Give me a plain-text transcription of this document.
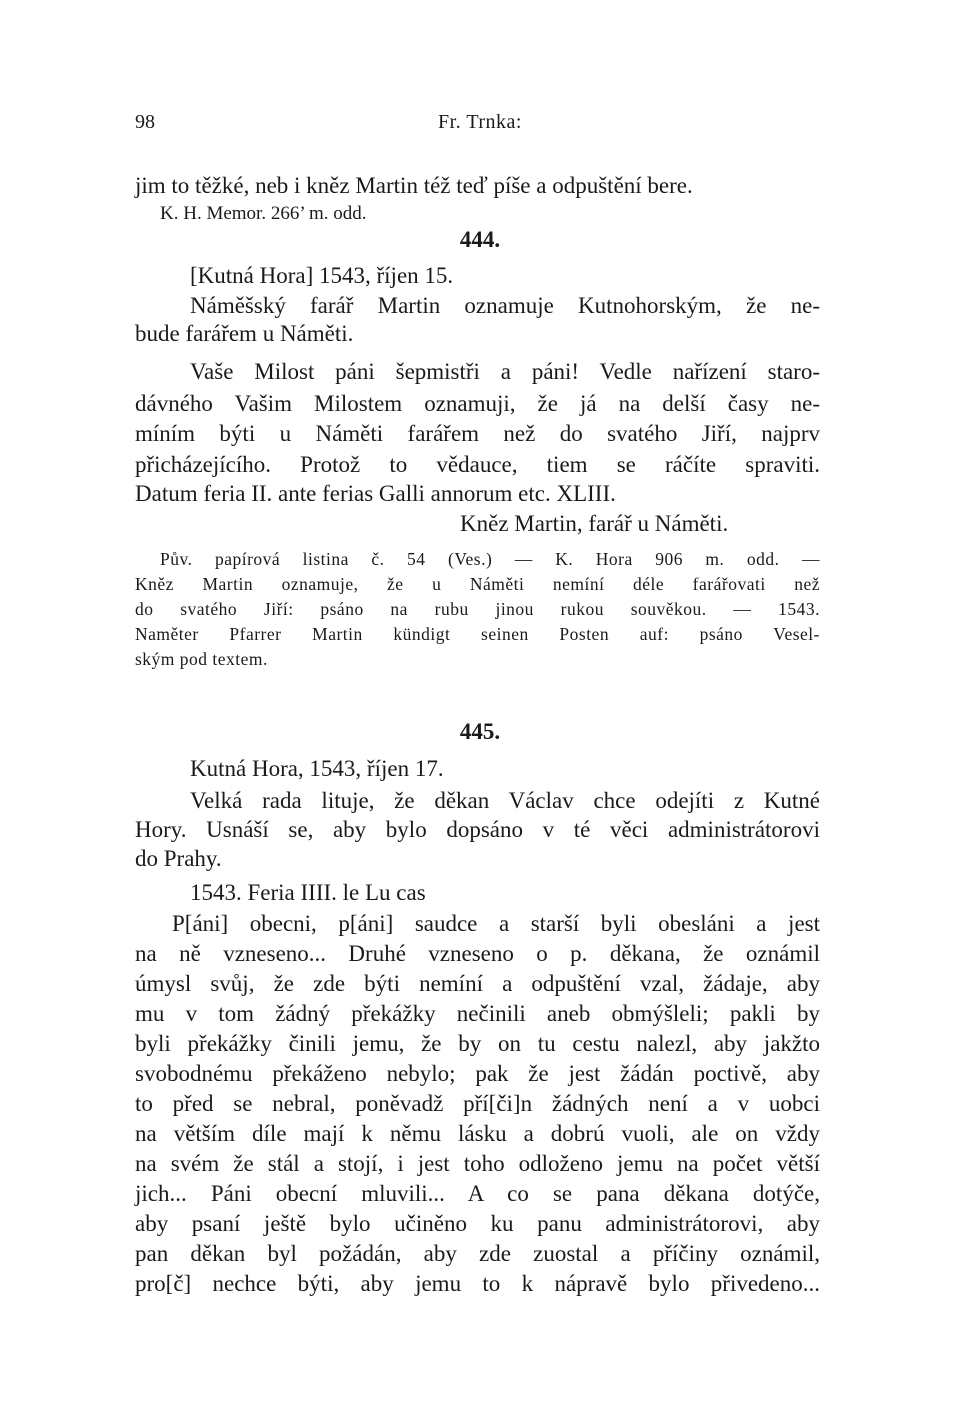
98	Fr. Trnka:

jim to těžké, neb i kněz Martin též teď píše a odpuštění bere.

K. H. Memor. 266’ m. odd.

444.

[Kutná Hora] 1543, říjen 15.

Náměšský farář Martin oznamuje Kutnohorským, že ne-

bude farářem u Náměti.

Vaše Milost páni šepmistři a páni! Vedle nařízení staro-

dávného Vašim Milostem oznamuji, že já na delší časy ne-

míním býti u Náměti farářem než do svatého Jiří, najprv

přicházejícího. Protož to vědauce, tiem se ráčíte spraviti.

Datum feria II. ante ferias Galli annorum etc. XLIII.

Kněz Martin, farář u Náměti.

Pův. papírová listina č. 54 (Ves.) — K. Hora 906 m. odd. —

Kněz Martin oznamuje, že u Náměti nemíní déle farářovati než

do svatého Jiří: psáno na rubu jinou rukou souvěkou. — 1543.

Naměter Pfarrer Martin kündigt seinen Posten auf: psáno Vesel-

ským pod textem.

445.

Kutná Hora, 1543, říjen 17.

Velká rada lituje, že děkan Václav chce odejíti z Kutné

Hory. Usnáší se, aby bylo dopsáno v té věci administrátorovi

do Prahy.

1543. Feria IIII. le Lu cas

P[áni] obecni, p[áni] saudce a starší byli obesláni a jest

na ně vzneseno... Druhé vzneseno o p. děkana, že oznámil

úmysl svůj, že zde býti nemíní a odpuštění vzal, žádaje, aby

mu v tom žádný překážky nečinili aneb obmýšleli; pakli by

byli překážky činili jemu, že by on tu cestu nalezl, aby jakžto

svobodnému překáženo nebylo; pak že jest žádán poctivě, aby

to před se nebral, poněvadž pří[či]n žádných není a v uobci

na větším díle mají k němu lásku a dobrú vuoli, ale on vždy

na svém že stál a stojí, i jest toho odloženo jemu na počet větší

jich... Páni obecní mluvili... A co se pana děkana dotýče,

aby psaní ještě bylo učiněno ku panu administrátorovi, aby

pan děkan byl požádán, aby zde zuostal a příčiny oznámil,

pro[č] nechce býti, aby jemu to k nápravě bylo přivedeno...
